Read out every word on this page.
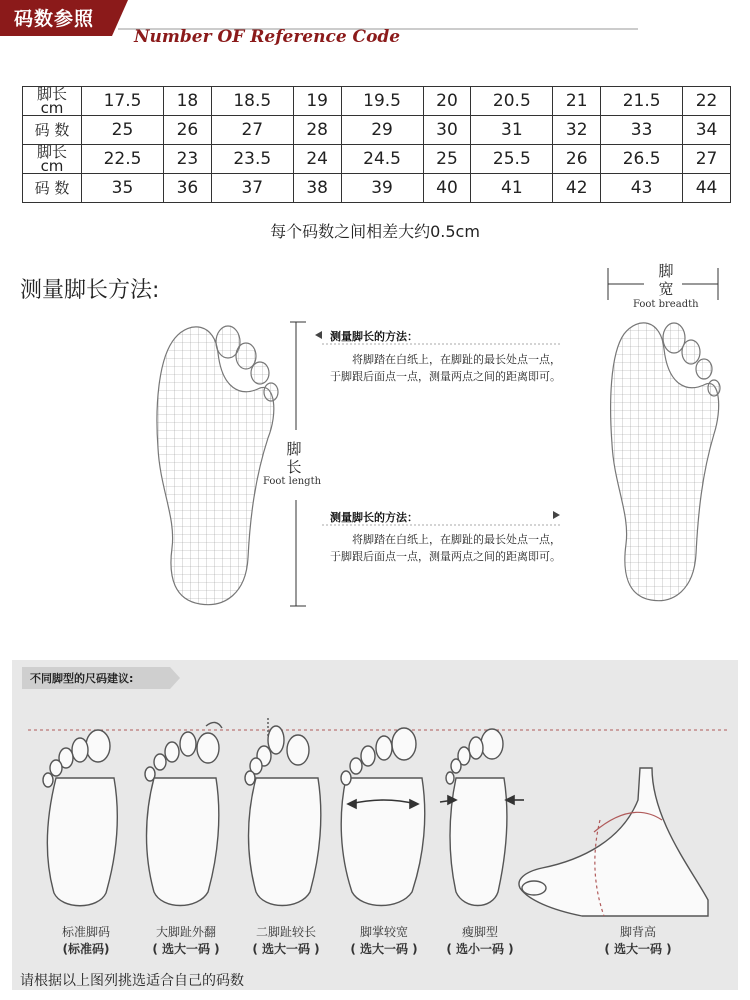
码数参照
Number OF Reference Code
脚长
cm	17.5	18	18.5	19	19.5	20	20.5	21	21.5	22

码 数	25	26	27	28	29	30	31	32	33	34

脚长
cm	22.5	23	23.5	24	24.5	25	25.5	26	26.5	27

码 数	35	36	37	38	39	40	41	42	43	44
每个码数之间相差大约0.5cm
测量脚长方法:
脚
长
Foot length
测量脚长的方法：
将脚踏在白纸上，在脚趾的最长处点一点，于脚跟后面点一点，测量两点之间的距离即可。
测量脚长的方法：
将脚踏在白纸上，在脚趾的最长处点一点，于脚跟后面点一点，测量两点之间的距离即可。
脚
宽
Foot breadth
不同脚型的尺码建议:
标准脚码
(标准码)
大脚趾外翻
( 选大一码 )
二脚趾较长
( 选大一码 )
脚掌较宽
( 选大一码 )
瘦脚型
( 选小一码 )
脚背高
( 选大一码 )
请根据以上图列挑选适合自己的码数
